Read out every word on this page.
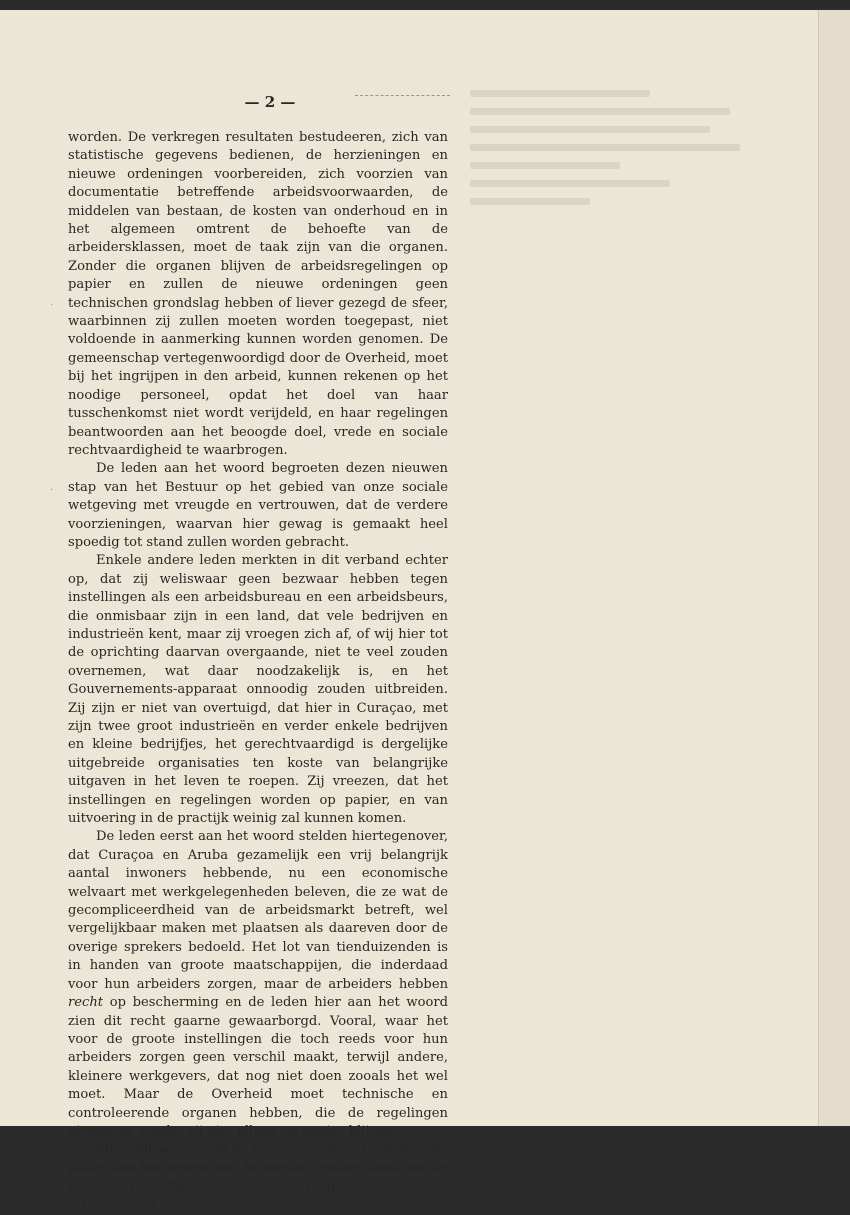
— 2 —
·
·

worden. De verkregen resultaten bestudeeren, zich van statistische gegevens bedienen, de herzieningen en nieuwe ordeningen voorbereiden, zich voorzien van documentatie betreffende arbeidsvoorwaarden, de middelen van bestaan, de kosten van onderhoud en in het algemeen omtrent de behoefte van de arbeidersklassen, moet de taak zijn van die organen. Zonder die organen blijven de arbeidsregelingen op papier en zullen de nieuwe ordeningen geen technischen grondslag hebben of liever gezegd de sfeer, waarbinnen zij zullen moeten worden toegepast, niet voldoende in aanmerking kunnen worden genomen. De gemeenschap vertegenwoordigd door de Overheid, moet bij het ingrijpen in den arbeid, kunnen rekenen op het noodige personeel, opdat het doel van haar tusschenkomst niet wordt verijdeld, en haar regelingen beantwoorden aan het beoogde doel, vrede en sociale rechtvaardigheid te waarbrogen.

De leden aan het woord begroeten dezen nieuwen stap van het Bestuur op het gebied van onze sociale wetgeving met vreugde en vertrouwen, dat de verdere voorzieningen, waarvan hier gewag is gemaakt heel spoedig tot stand zullen worden gebracht.

Enkele andere leden merkten in dit verband echter op, dat zij weliswaar geen bezwaar hebben tegen instellingen als een arbeidsbureau en een arbeidsbeurs, die onmisbaar zijn in een land, dat vele bedrijven en industrieën kent, maar zij vroegen zich af, of wij hier tot de oprichting daarvan overgaande, niet te veel zouden overnemen, wat daar noodzakelijk is, en het Gouvernements-apparaat onnoodig zouden uitbreiden. Zij zijn er niet van overtuigd, dat hier in Curaçao, met zijn twee groot industrieën en verder enkele bedrijven en kleine bedrijfjes, het gerechtvaardigd is dergelijke uitgebreide organisaties ten koste van belangrijke uitgaven in het leven te roepen. Zij vreezen, dat het instellingen en regelingen worden op papier, en van uitvoering in de practijk weinig zal kunnen komen.

De leden eerst aan het woord stelden hiertegenover, dat Curaçoa en Aruba gezamelijk een vrij belangrijk aantal inwoners hebbende, nu een economische welvaart met werkgelegenheden beleven, die ze wat de gecompliceerdheid van de arbeidsmarkt betreft, wel vergelijkbaar maken met plaatsen als daareven door de overige sprekers bedoeld. Het lot van tienduizenden is in handen van groote maatschappijen, die inderdaad voor hun arbeiders zorgen, maar de arbeiders hebben recht op bescherming en de leden hier aan het woord zien dit recht gaarne gewaarborgd. Vooral, waar het voor de groote instellingen die toch reeds voor hun arbeiders zorgen geen verschil maakt, terwijl andere, kleinere werkgevers, dat nog niet doen zooals het wel moet. Maar de Overheid moet technische en controleerende organen hebben, die de regelingen uitvoeren, zoodat zij niet alleen op papier blijven.

Maar dit waren ook de enkele sprekers in de tweede plaats aan het woord met de eerste sprekers eens, dat er zijdens de Staten steeds gevraagd is om een arbeidsbeurs
